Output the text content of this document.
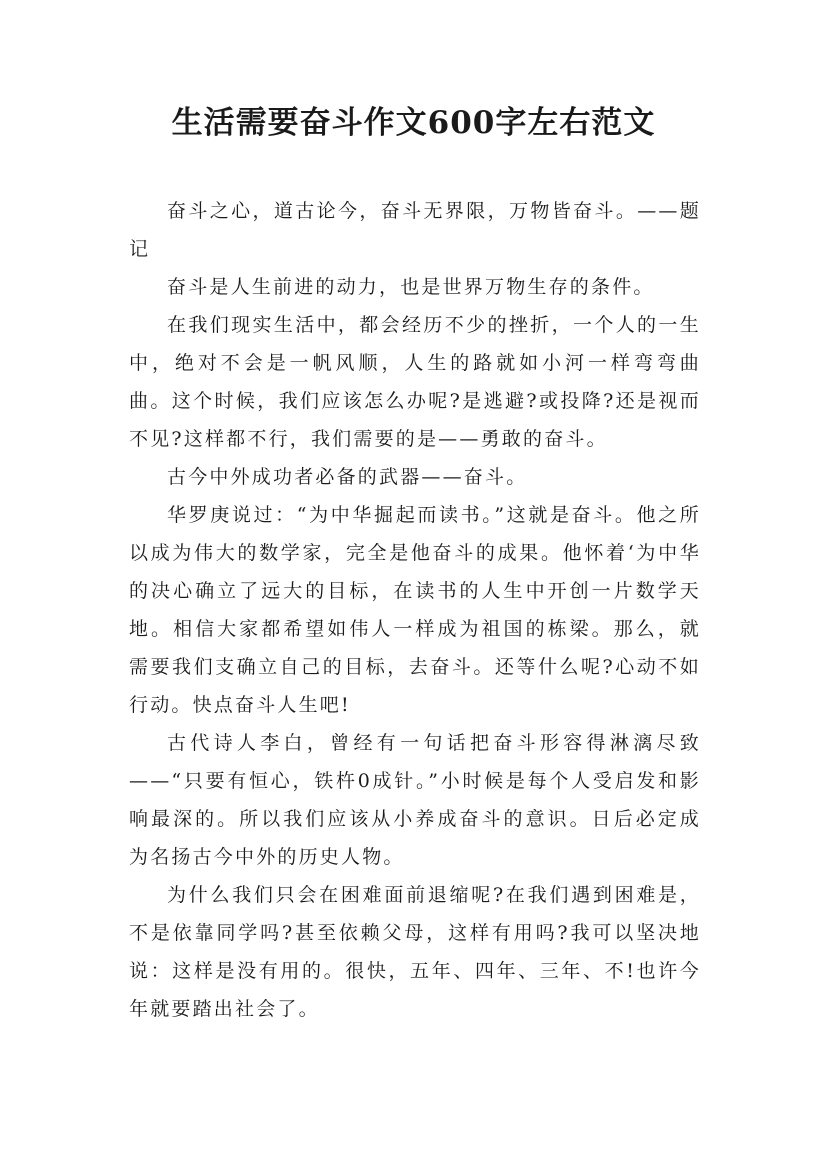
生活需要奋斗作文600字左右范文

奋斗之心，道古论今，奋斗无界限，万物皆奋斗。——题记

奋斗是人生前进的动力，也是世界万物生存的条件。

在我们现实生活中，都会经历不少的挫折，一个人的一生中，绝对不会是一帆风顺，人生的路就如小河一样弯弯曲曲。这个时候，我们应该怎么办呢?是逃避?或投降?还是视而不见?这样都不行，我们需要的是——勇敢的奋斗。

古今中外成功者必备的武器——奋斗。

华罗庚说过：“为中华掘起而读书。”这就是奋斗。他之所以成为伟大的数学家，完全是他奋斗的成果。他怀着‘为中华的决心确立了远大的目标，在读书的人生中开创一片数学天地。相信大家都希望如伟人一样成为祖国的栋梁。那么，就需要我们支确立自己的目标，去奋斗。还等什么呢?心动不如行动。快点奋斗人生吧!

古代诗人李白，曾经有一句话把奋斗形容得淋漓尽致——“只要有恒心，铁杵0成针。”小时候是每个人受启发和影响最深的。所以我们应该从小养成奋斗的意识。日后必定成为名扬古今中外的历史人物。

为什么我们只会在困难面前退缩呢?在我们遇到困难是，不是依靠同学吗?甚至依赖父母，这样有用吗?我可以坚决地说：这样是没有用的。很快，五年、四年、三年、不!也许今年就要踏出社会了。
